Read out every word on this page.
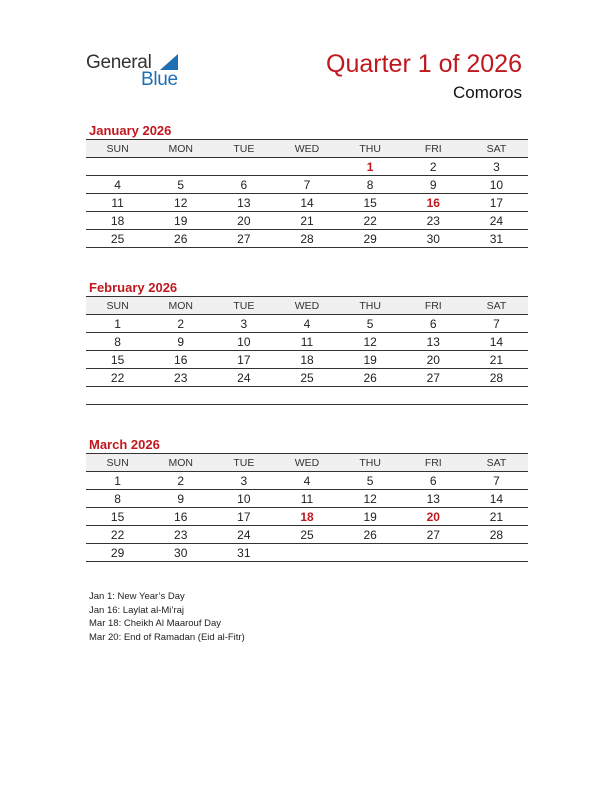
General
Blue
Quarter 1 of 2026
Comoros
January 2026
SUN	MON	TUE	WED	THU	FRI	SAT
				1	2	3
4	5	6	7	8	9	10
11	12	13	14	15	16	17
18	19	20	21	22	23	24
25	26	27	28	29	30	31
February 2026
SUN	MON	TUE	WED	THU	FRI	SAT
1	2	3	4	5	6	7
8	9	10	11	12	13	14
15	16	17	18	19	20	21
22	23	24	25	26	27	28

March 2026
SUN	MON	TUE	WED	THU	FRI	SAT
1	2	3	4	5	6	7
8	9	10	11	12	13	14
15	16	17	18	19	20	21
22	23	24	25	26	27	28
29	30	31				
Jan 1: New Year’s Day
Jan 16: Laylat al-Mi’raj
Mar 18: Cheikh Al Maarouf Day
Mar 20: End of Ramadan (Eid al-Fitr)
